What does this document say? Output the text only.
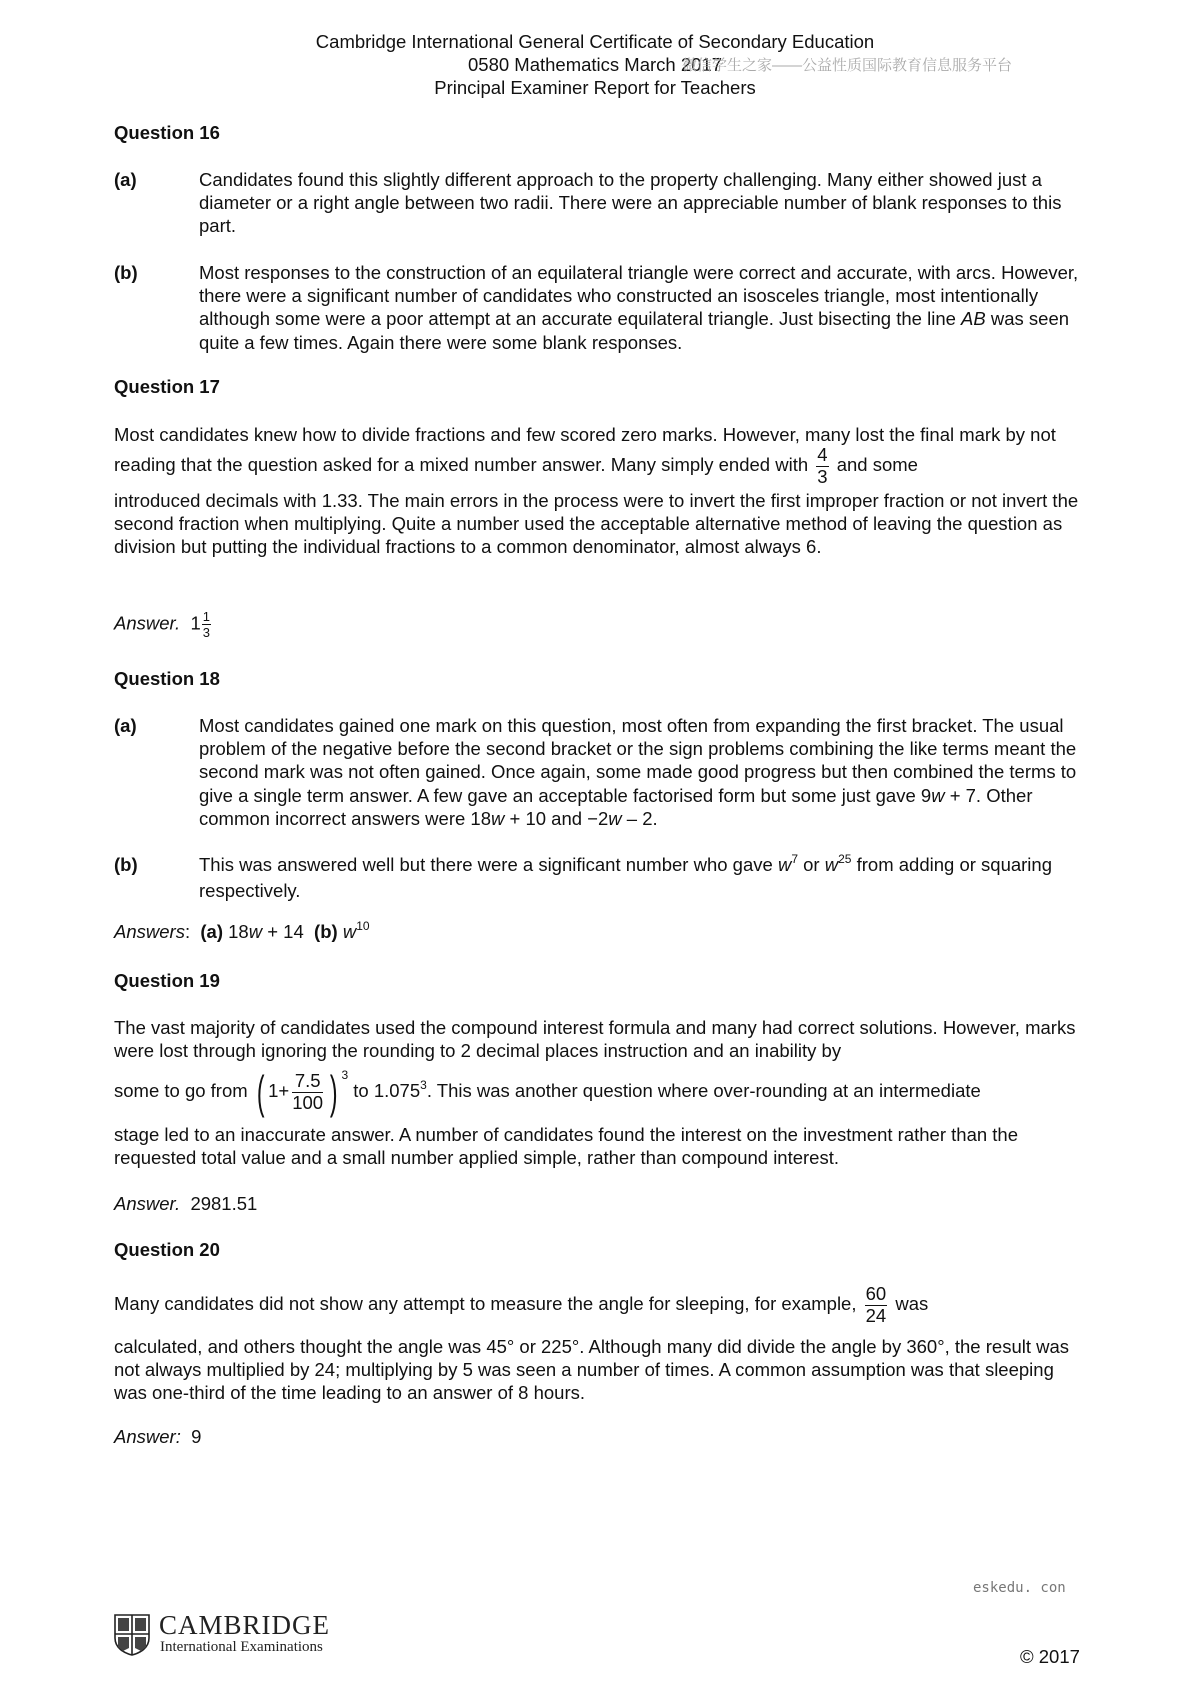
Cambridge International General Certificate of Secondary Education
0580 Mathematics March 2017
Principal Examiner Report for Teachers
微信学生之家——公益性质国际教育信息服务平台
Question 16
(a)	Candidates found this slightly different approach to the property challenging. Many either showed just a diameter or a right angle between two radii. There were an appreciable number of blank responses to this part.
(b)	Most responses to the construction of an equilateral triangle were correct and accurate, with arcs. However, there were a significant number of candidates who constructed an isosceles triangle, most intentionally although some were a poor attempt at an accurate equilateral triangle. Just bisecting the line AB was seen quite a few times. Again there were some blank responses.
Question 17
Most candidates knew how to divide fractions and few scored zero marks. However, many lost the final mark by not reading that the question asked for a mixed number answer. Many simply ended with $\frac{4}{3}$ and some
introduced decimals with 1.33. The main errors in the process were to invert the first improper fraction or not invert the second fraction when multiplying. Quite a number used the acceptable alternative method of leaving the question as division but putting the individual fractions to a common denominator, almost always 6.
Answer. $1 \frac{1}{3}$
Question 18
(a)	Most candidates gained one mark on this question, most often from expanding the first bracket. The usual problem of the negative before the second bracket or the sign problems combining the like terms meant the second mark was not often gained. Once again, some made good progress but then combined the terms to give a single term answer. A few gave an acceptable factorised form but some just gave 9w + 7. Other common incorrect answers were 18w + 10 and −2w – 2.
(b)	This was answered well but there were a significant number who gave $w^7$ or $w^{25}$ from adding or squaring respectively.
Answers:  (a) 18w + 14 (b) $w^{10}$
Question 19
The vast majority of candidates used the compound interest formula and many had correct solutions. However, marks were lost through ignoring the rounding to 2 decimal places instruction and an inability by
some to go from ( $1+ \frac{7.5}{100}$ ) $^3$ to 1.075$^3$. This was another question where over-rounding at an intermediate
stage led to an inaccurate answer. A number of candidates found the interest on the investment rather than the requested total value and a small number applied simple, rather than compound interest.
Answer. 2981.51
Question 20
Many candidates did not show any attempt to measure the angle for sleeping, for example, $\frac{60}{24}$ was
calculated, and others thought the angle was 45° or 225°. Although many did divide the angle by 360°, the result was not always multiplied by 24; multiplying by 5 was seen a number of times. A common assumption was that sleeping was one-third of the time leading to an answer of 8 hours.
Answer: 9
eskedu. con
CAMBRIDGE
International Examinations	© 2017
